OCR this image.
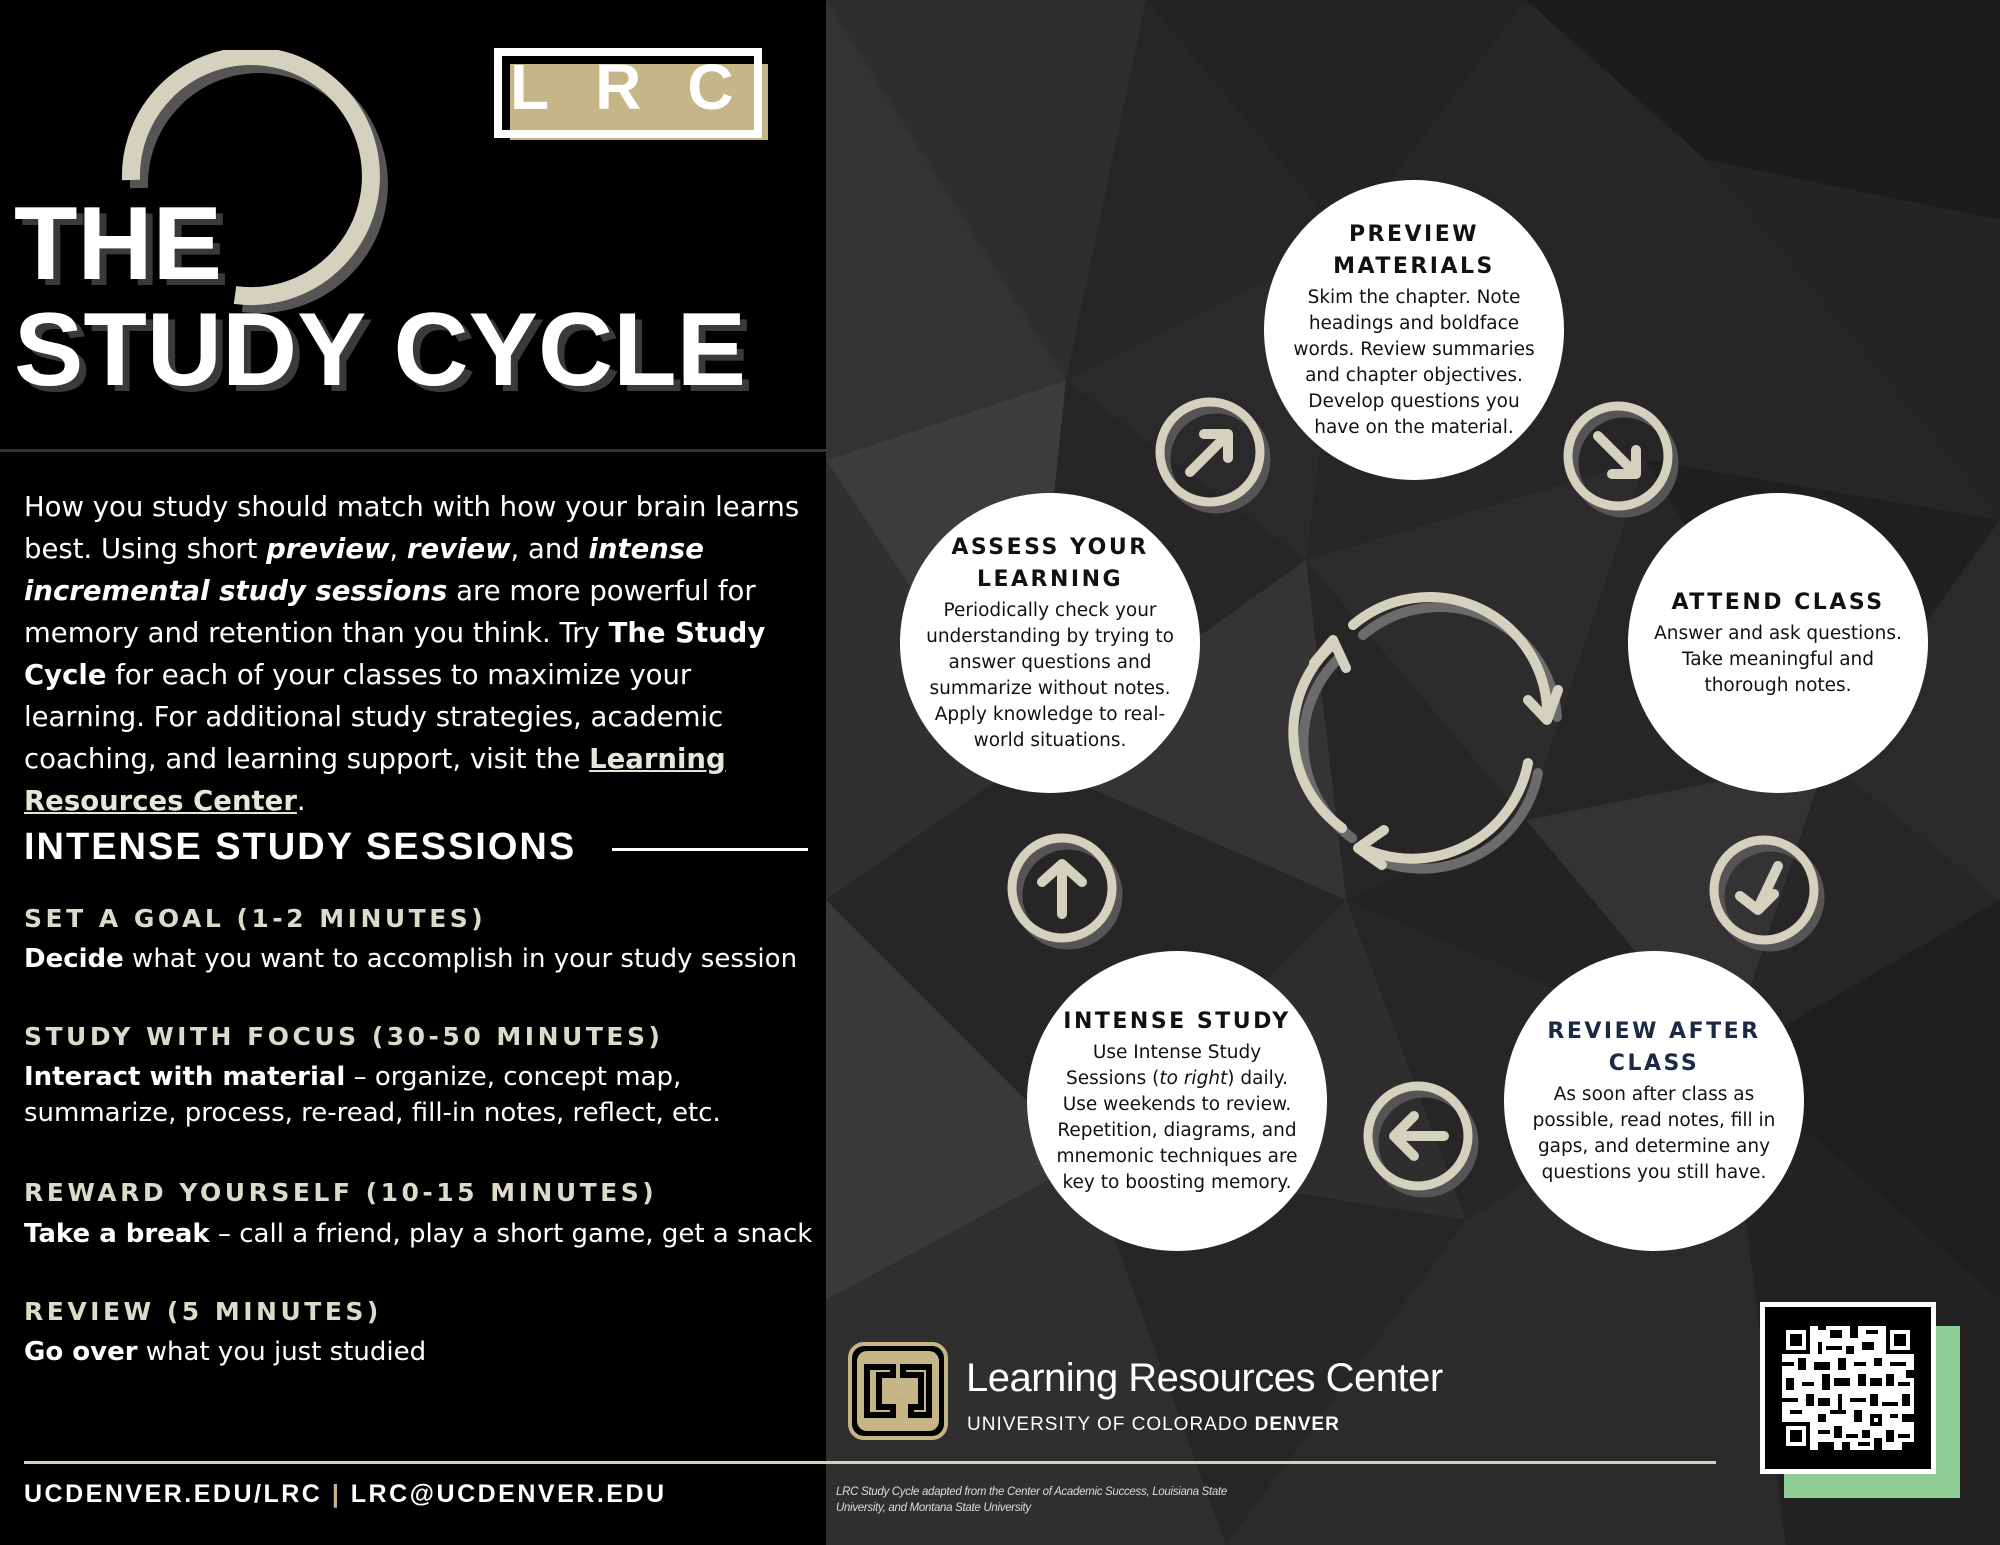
LRC
THE
STUDY CYCLE

How you study should match with how your brain learns best. Using short preview, review, and intense incremental study sessions are more powerful for memory and retention than you think. Try The Study Cycle for each of your classes to maximize your learning. For additional study strategies, academic coaching, and learning support, visit the Learning Resources Center.

INTENSE STUDY SESSIONS
SET A GOAL (1-2 MINUTES)
Decide what you want to accomplish in your study session
STUDY WITH FOCUS (30-50 MINUTES)
Interact with material – organize, concept map, summarize, process, re-read, fill-in notes, reflect, etc.
REWARD YOURSELF (10-15 MINUTES)
Take a break – call a friend, play a short game, get a snack
REVIEW (5 MINUTES)
Go over what you just studied
UCDENVER.EDU/LRC | LRC@UCDENVER.EDU
PREVIEW MATERIALS
Skim the chapter. Note headings and boldface words. Review summaries and chapter objectives. Develop questions you have on the material.
ATTEND CLASS
Answer and ask questions. Take meaningful and thorough notes.
REVIEW AFTER CLASS
As soon after class as possible, read notes, fill in gaps, and determine any questions you still have.
INTENSE STUDY
Use Intense Study Sessions (to right) daily. Use weekends to review. Repetition, diagrams, and mnemonic techniques are key to boosting memory.
ASSESS YOUR LEARNING
Periodically check your understanding by trying to answer questions and summarize without notes. Apply knowledge to real-world situations.
CU
Learning Resources Center
UNIVERSITY OF COLORADO DENVER
LRC Study Cycle adapted from the Center of Academic Success, Louisiana State University, and Montana State University
